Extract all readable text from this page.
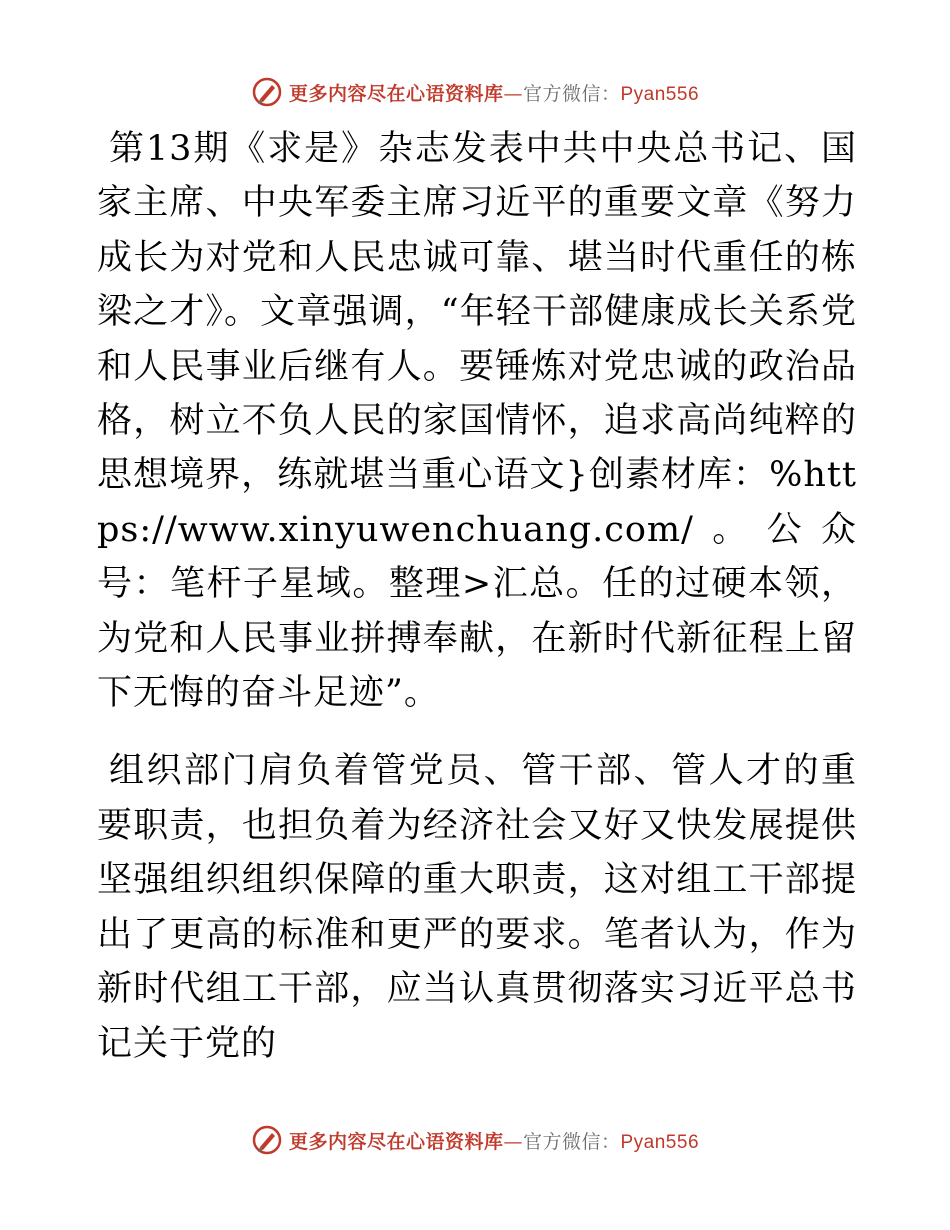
更多内容尽在心语资料库—官方微信：Pyan556

第13期《求是》杂志发表中共中央总书记、国家主席、中央军委主席习近平的重要文章《努力成长为对党和人民忠诚可靠、堪当时代重任的栋梁之才》。文章强调，“年轻干部健康成长关系党和人民事业后继有人。要锤炼对党忠诚的政治品格，树立不负人民的家国情怀，追求高尚纯粹的思想境界，练就堪当重心语文}创素材库：%https://www.xinyuwenchuang.com/。公众号：笔杆子星域。整理>汇总。任的过硬本领，为党和人民事业拼搏奉献，在新时代新征程上留下无悔的奋斗足迹”。

组织部门肩负着管党员、管干部、管人才的重要职责，也担负着为经济社会又好又快发展提供坚强组织组织保障的重大职责，这对组工干部提出了更高的标准和更严的要求。笔者认为，作为新时代组工干部，应当认真贯彻落实习近平总书记关于党的

更多内容尽在心语资料库—官方微信：Pyan556
